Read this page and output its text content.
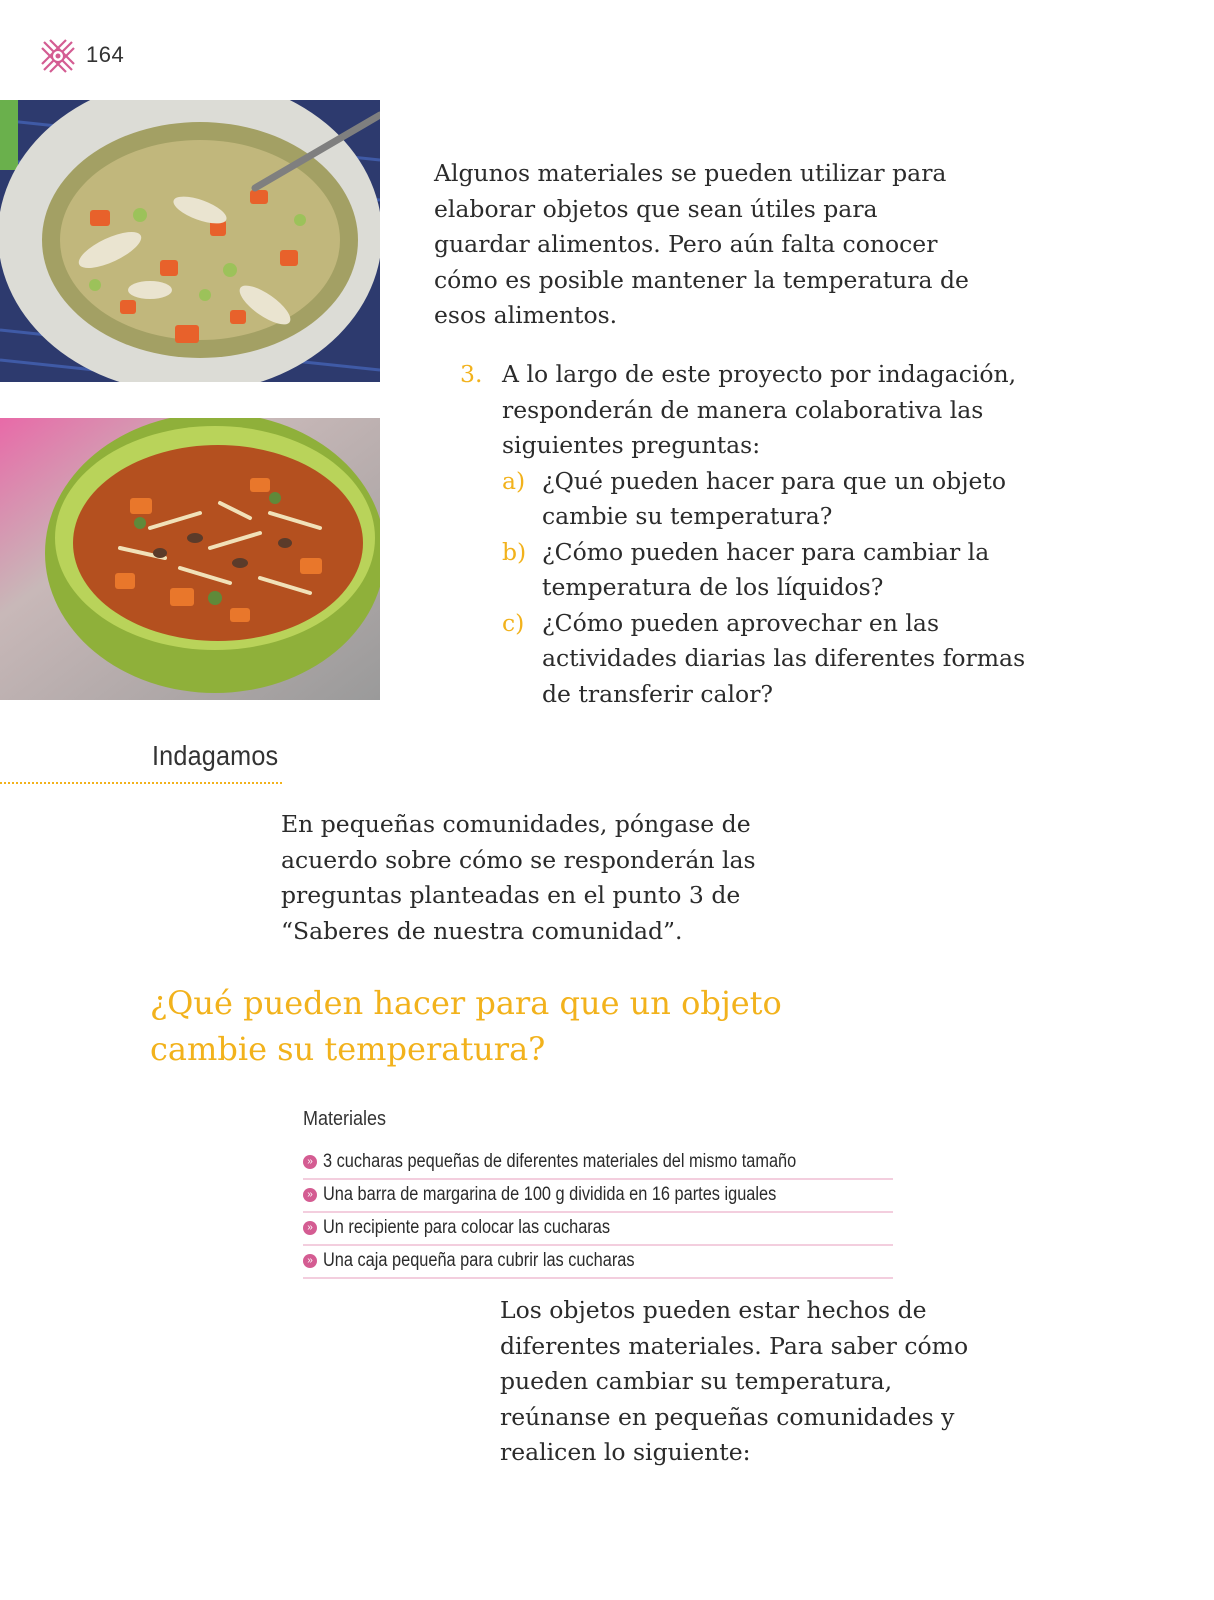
164

Algunos materiales se pueden utilizar para elaborar objetos que sean útiles para guardar alimentos. Pero aún falta conocer cómo es posible mantener la temperatura de esos alimentos.

3. A lo largo de este proyecto por indagación, responderán de manera colaborativa las siguientes preguntas:
a) ¿Qué pueden hacer para que un objeto cambie su temperatura?
b) ¿Cómo pueden hacer para cambiar la temperatura de los líquidos?
c) ¿Cómo pueden aprovechar en las actividades diarias las diferentes formas de transferir calor?
Indagamos
En pequeñas comunidades, póngase de acuerdo sobre cómo se responderán las preguntas planteadas en el punto 3 de “Saberes de nuestra comunidad”.
¿Qué pueden hacer para que un objeto cambie su temperatura?
Materiales
» 3 cucharas pequeñas de diferentes materiales del mismo tamaño
» Una barra de margarina de 100 g dividida en 16 partes iguales
» Un recipiente para colocar las cucharas
» Una caja pequeña para cubrir las cucharas
Los objetos pueden estar hechos de diferentes materiales. Para saber cómo pueden cambiar su temperatura, reúnanse en pequeñas comunidades y realicen lo siguiente:
